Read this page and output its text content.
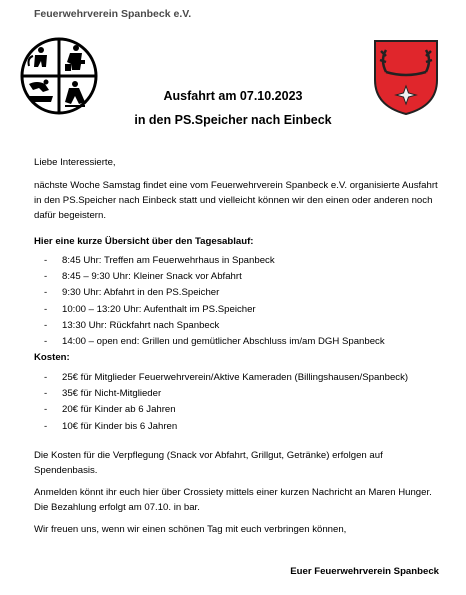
Feuerwehrverein Spanbeck e.V.
Ausfahrt am 07.10.2023
in den PS.Speicher nach Einbeck
Liebe Interessierte,
nächste Woche Samstag findet eine vom Feuerwehrverein Spanbeck e.V. organisierte Ausfahrt in den PS.Speicher nach Einbeck statt und vielleicht können wir den einen oder anderen noch dafür begeistern.
Hier eine kurze Übersicht über den Tagesablauf:
- 8:45 Uhr: Treffen am Feuerwehrhaus in Spanbeck
- 8:45 – 9:30 Uhr: Kleiner Snack vor Abfahrt
- 9:30 Uhr: Abfahrt in den PS.Speicher
- 10:00 – 13:20 Uhr: Aufenthalt im PS.Speicher
- 13:30 Uhr: Rückfahrt nach Spanbeck
- 14:00 – open end: Grillen und gemütlicher Abschluss im/am DGH Spanbeck
Kosten:
- 25€ für Mitglieder Feuerwehrverein/Aktive Kameraden (Billingshausen/Spanbeck)
- 35€ für Nicht-Mitglieder
- 20€ für Kinder ab 6 Jahren
- 10€ für Kinder bis 6 Jahren
Die Kosten für die Verpflegung (Snack vor Abfahrt, Grillgut, Getränke) erfolgen auf Spendenbasis.
Anmelden könnt ihr euch hier über Crossiety mittels einer kurzen Nachricht an Maren Hunger. Die Bezahlung erfolgt am 07.10. in bar.
Wir freuen uns, wenn wir einen schönen Tag mit euch verbringen können,
Euer Feuerwehrverein Spanbeck
